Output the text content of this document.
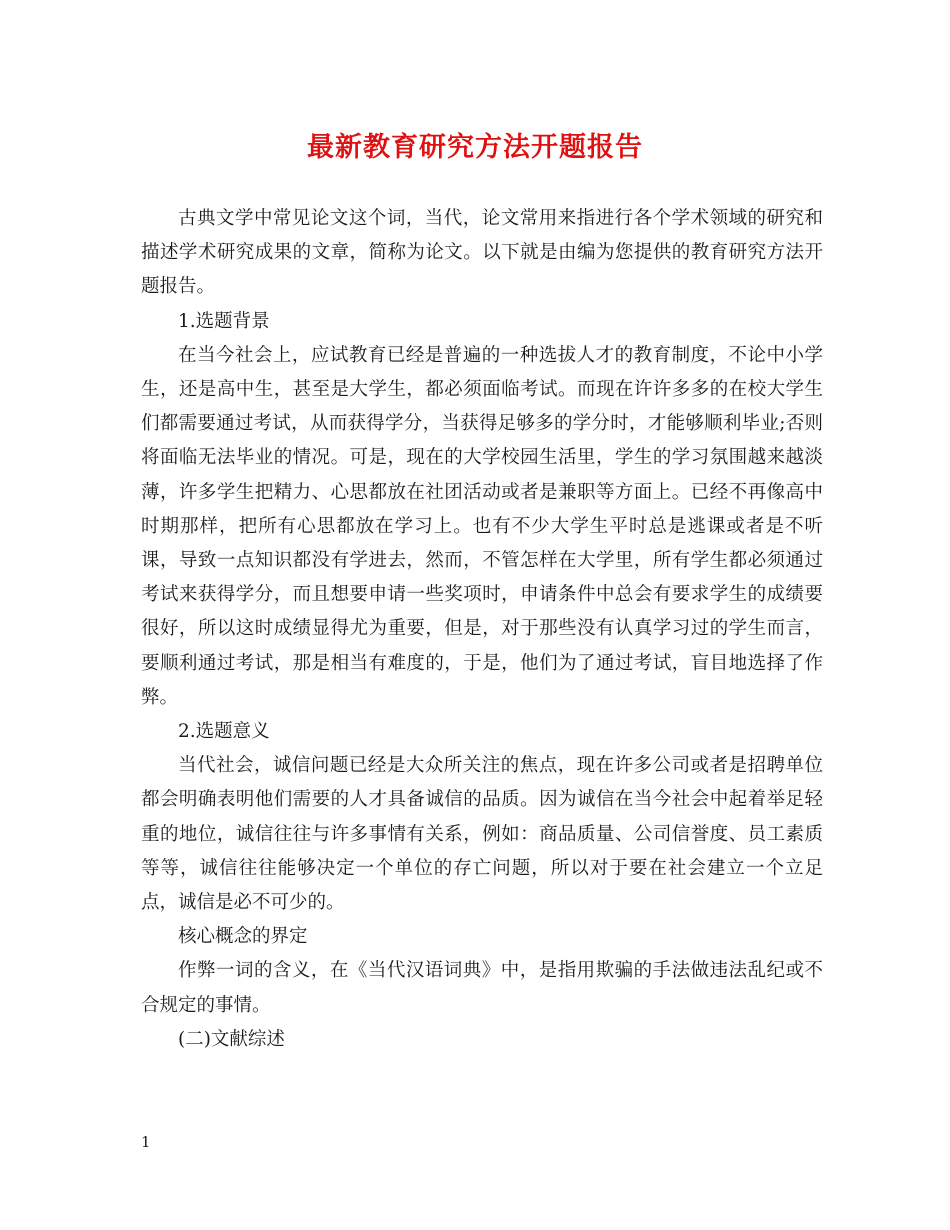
最新教育研究方法开题报告

古典文学中常见论文这个词，当代，论文常用来指进行各个学术领域的研究和描述学术研究成果的文章，简称为论文。以下就是由编为您提供的教育研究方法开题报告。

1.选题背景

在当今社会上，应试教育已经是普遍的一种选拔人才的教育制度，不论中小学生，还是高中生，甚至是大学生，都必须面临考试。而现在许许多多的在校大学生们都需要通过考试，从而获得学分，当获得足够多的学分时，才能够顺利毕业;否则将面临无法毕业的情况。可是，现在的大学校园生活里，学生的学习氛围越来越淡薄，许多学生把精力、心思都放在社团活动或者是兼职等方面上。已经不再像高中时期那样，把所有心思都放在学习上。也有不少大学生平时总是逃课或者是不听课，导致一点知识都没有学进去，然而，不管怎样在大学里，所有学生都必须通过考试来获得学分，而且想要申请一些奖项时，申请条件中总会有要求学生的成绩要很好，所以这时成绩显得尤为重要，但是，对于那些没有认真学习过的学生而言，要顺利通过考试，那是相当有难度的，于是，他们为了通过考试，盲目地选择了作弊。

2.选题意义

当代社会，诚信问题已经是大众所关注的焦点，现在许多公司或者是招聘单位都会明确表明他们需要的人才具备诚信的品质。因为诚信在当今社会中起着举足轻重的地位，诚信往往与许多事情有关系，例如：商品质量、公司信誉度、员工素质等等，诚信往往能够决定一个单位的存亡问题，所以对于要在社会建立一个立足点，诚信是必不可少的。

核心概念的界定

作弊一词的含义，在《当代汉语词典》中，是指用欺骗的手法做违法乱纪或不合规定的事情。

(二)文献综述

1
